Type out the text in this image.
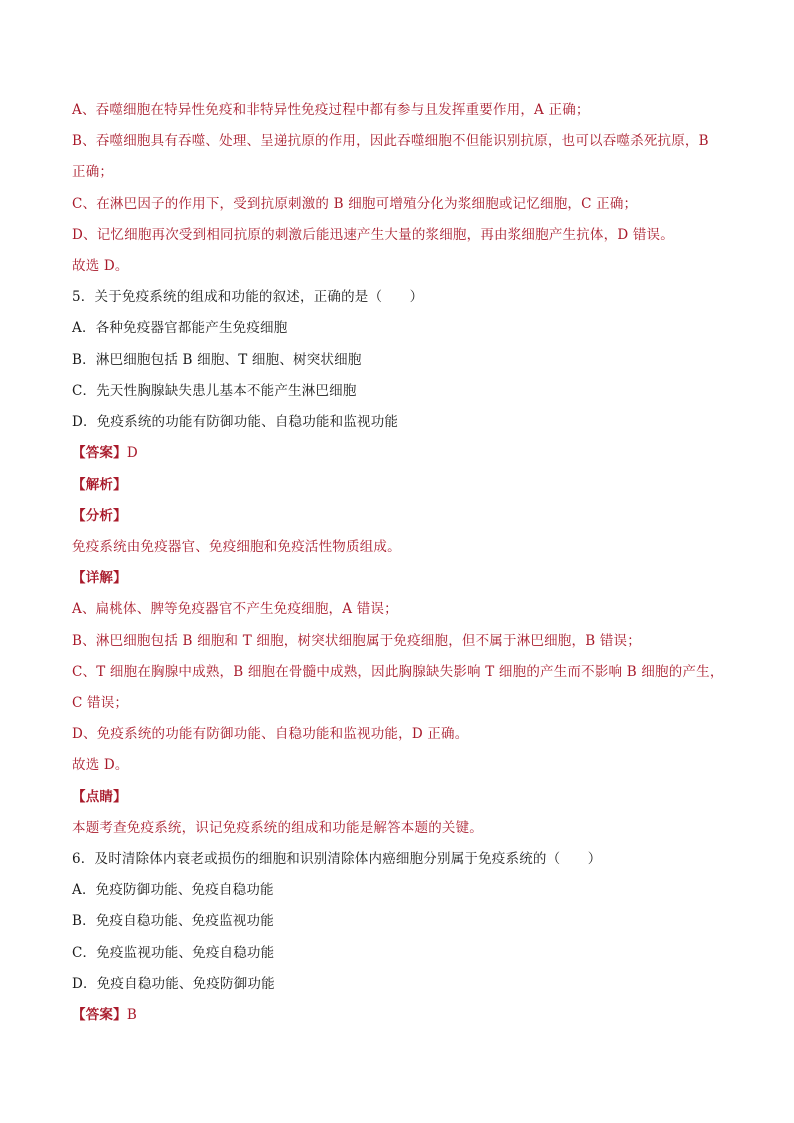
A、吞噬细胞在特异性免疫和非特异性免疫过程中都有参与且发挥重要作用，A 正确；
B、吞噬细胞具有吞噬、处理、呈递抗原的作用，因此吞噬细胞不但能识别抗原，也可以吞噬杀死抗原，B
正确；
C、在淋巴因子的作用下，受到抗原刺激的 B 细胞可增殖分化为浆细胞或记忆细胞，C 正确；
D、记忆细胞再次受到相同抗原的刺激后能迅速产生大量的浆细胞，再由浆细胞产生抗体，D 错误。
故选 D。
5．关于免疫系统的组成和功能的叙述，正确的是（　　）
A．各种免疫器官都能产生免疫细胞
B．淋巴细胞包括 B 细胞、T 细胞、树突状细胞
C．先天性胸腺缺失患儿基本不能产生淋巴细胞
D．免疫系统的功能有防御功能、自稳功能和监视功能
【答案】D
【解析】
【分析】
免疫系统由免疫器官、免疫细胞和免疫活性物质组成。
【详解】
A、扁桃体、脾等免疫器官不产生免疫细胞，A 错误；
B、淋巴细胞包括 B 细胞和 T 细胞，树突状细胞属于免疫细胞，但不属于淋巴细胞，B 错误；
C、T 细胞在胸腺中成熟，B 细胞在骨髓中成熟，因此胸腺缺失影响 T 细胞的产生而不影响 B 细胞的产生，
C 错误；
D、免疫系统的功能有防御功能、自稳功能和监视功能，D 正确。
故选 D。
【点睛】
本题考查免疫系统，识记免疫系统的组成和功能是解答本题的关键。
6．及时清除体内衰老或损伤的细胞和识别清除体内癌细胞分别属于免疫系统的（　　）
A．免疫防御功能、免疫自稳功能
B．免疫自稳功能、免疫监视功能
C．免疫监视功能、免疫自稳功能
D．免疫自稳功能、免疫防御功能
【答案】B
